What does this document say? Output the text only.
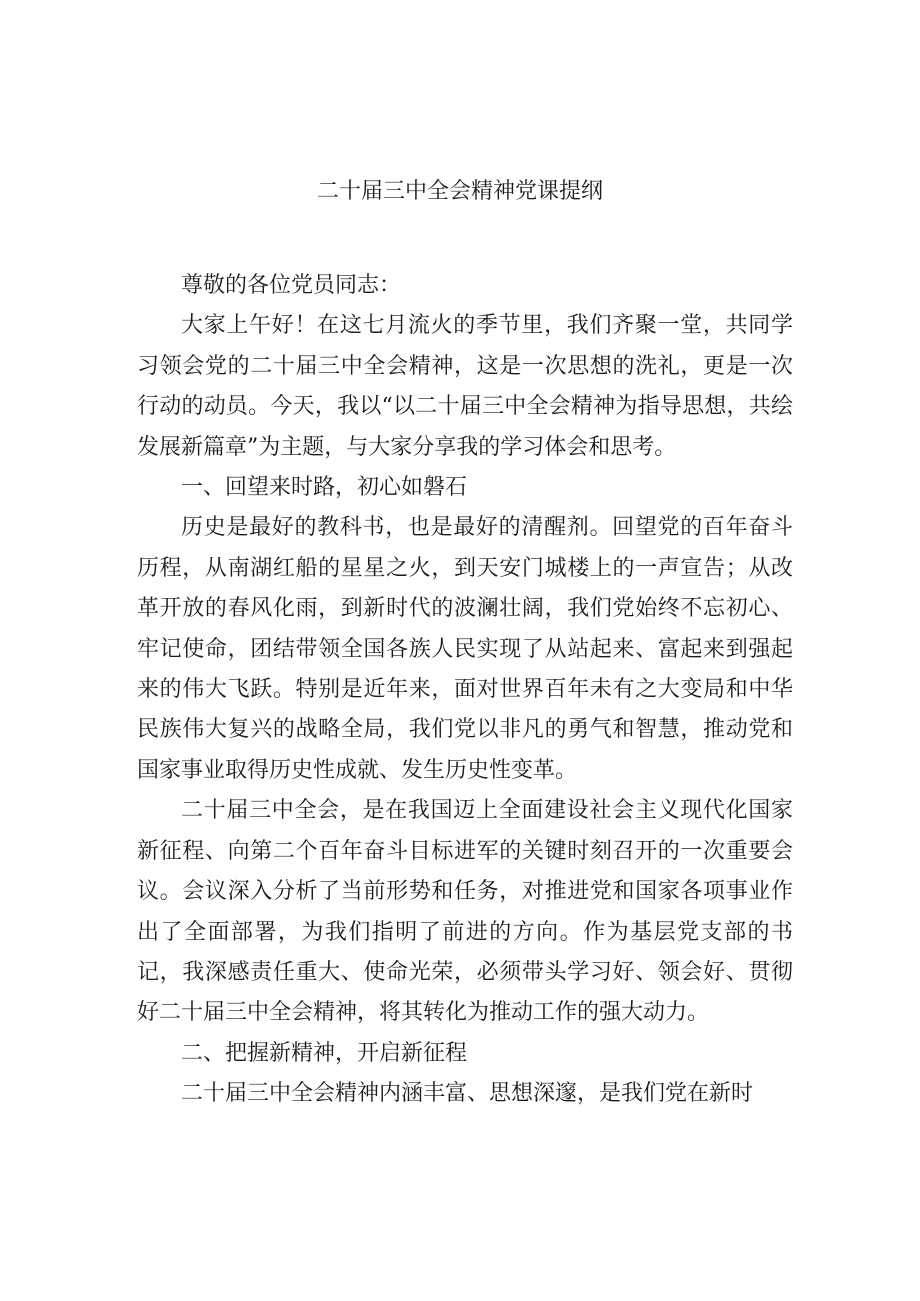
二十届三中全会精神党课提纲

尊敬的各位党员同志：

大家上午好！在这七月流火的季节里，我们齐聚一堂，共同学习领会党的二十届三中全会精神，这是一次思想的洗礼，更是一次行动的动员。今天，我以“以二十届三中全会精神为指导思想，共绘发展新篇章”为主题，与大家分享我的学习体会和思考。

一、回望来时路，初心如磐石

历史是最好的教科书，也是最好的清醒剂。回望党的百年奋斗历程，从南湖红船的星星之火，到天安门城楼上的一声宣告；从改革开放的春风化雨，到新时代的波澜壮阔，我们党始终不忘初心、牢记使命，团结带领全国各族人民实现了从站起来、富起来到强起来的伟大飞跃。特别是近年来，面对世界百年未有之大变局和中华民族伟大复兴的战略全局，我们党以非凡的勇气和智慧，推动党和国家事业取得历史性成就、发生历史性变革。

二十届三中全会，是在我国迈上全面建设社会主义现代化国家新征程、向第二个百年奋斗目标进军的关键时刻召开的一次重要会议。会议深入分析了当前形势和任务，对推进党和国家各项事业作出了全面部署，为我们指明了前进的方向。作为基层党支部的书记，我深感责任重大、使命光荣，必须带头学习好、领会好、贯彻好二十届三中全会精神，将其转化为推动工作的强大动力。

二、把握新精神，开启新征程

二十届三中全会精神内涵丰富、思想深邃，是我们党在新时
